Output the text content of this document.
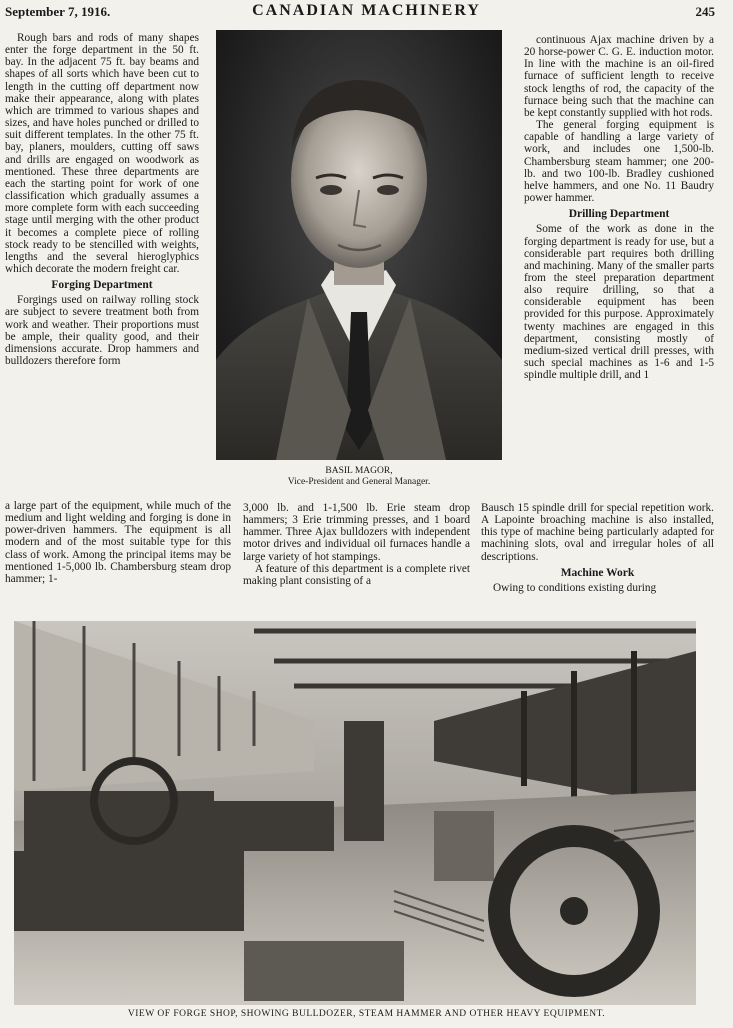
September 7, 1916.	CANADIAN MACHINERY	245

Rough bars and rods of many shapes enter the forge department in the 50 ft. bay. In the adjacent 75 ft. bay beams and shapes of all sorts which have been cut to length in the cutting off department now make their appearance, along with plates which are trimmed to various shapes and sizes, and have holes punched or drilled to suit different templates. In the other 75 ft. bay, planers, moulders, cutting off saws and drills are engaged on woodwork as mentioned. These three departments are each the starting point for work of one classification which gradually assumes a more complete form with each succeeding stage until merging with the other product it becomes a complete piece of rolling stock ready to be stencilled with weights, lengths and the several hieroglyphics which decorate the modern freight car.

Forging Department

Forgings used on railway rolling stock are subject to severe treatment both from work and weather. Their proportions must be ample, their quality good, and their dimensions accurate. Drop hammers and bulldozers therefore form

a large part of the equipment, while much of the medium and light welding and forging is done in power-driven hammers. The equipment is all modern and of the most suitable type for this class of work. Among the principal items may be mentioned 1-5,000 lb. Chambersburg steam drop hammer; 1-

BASIL MAGOR,
Vice-President and General Manager.

3,000 lb. and 1-1,500 lb. Erie steam drop hammers; 3 Erie trimming presses, and 1 board hammer. Three Ajax bulldozers with independent motor drives and individual oil furnaces handle a large variety of hot stampings.

A feature of this department is a complete rivet making plant consisting of a

continuous Ajax machine driven by a 20 horse-power C. G. E. induction motor. In line with the machine is an oil-fired furnace of sufficient length to receive stock lengths of rod, the capacity of the furnace being such that the machine can be kept constantly supplied with hot rods.

The general forging equipment is capable of handling a large variety of work, and includes one 1,500-lb. Chambersburg steam hammer; one 200-lb. and two 100-lb. Bradley cushioned helve hammers, and one No. 11 Baudry power hammer.

Drilling Department

Some of the work as done in the forging department is ready for use, but a considerable part requires both drilling and machining. Many of the smaller parts from the steel preparation department also require drilling, so that a considerable equipment has been provided for this purpose. Approximately twenty machines are engaged in this department, consisting mostly of medium-sized vertical drill presses, with such special machines as 1-6 and 1-5 spindle multiple drill, and 1

Bausch 15 spindle drill for special repetition work. A Lapointe broaching machine is also installed, this type of machine being particularly adapted for machining slots, oval and irregular holes of all descriptions.

Machine Work

Owing to conditions existing during

VIEW OF FORGE SHOP, SHOWING BULLDOZER, STEAM HAMMER AND OTHER HEAVY EQUIPMENT.
